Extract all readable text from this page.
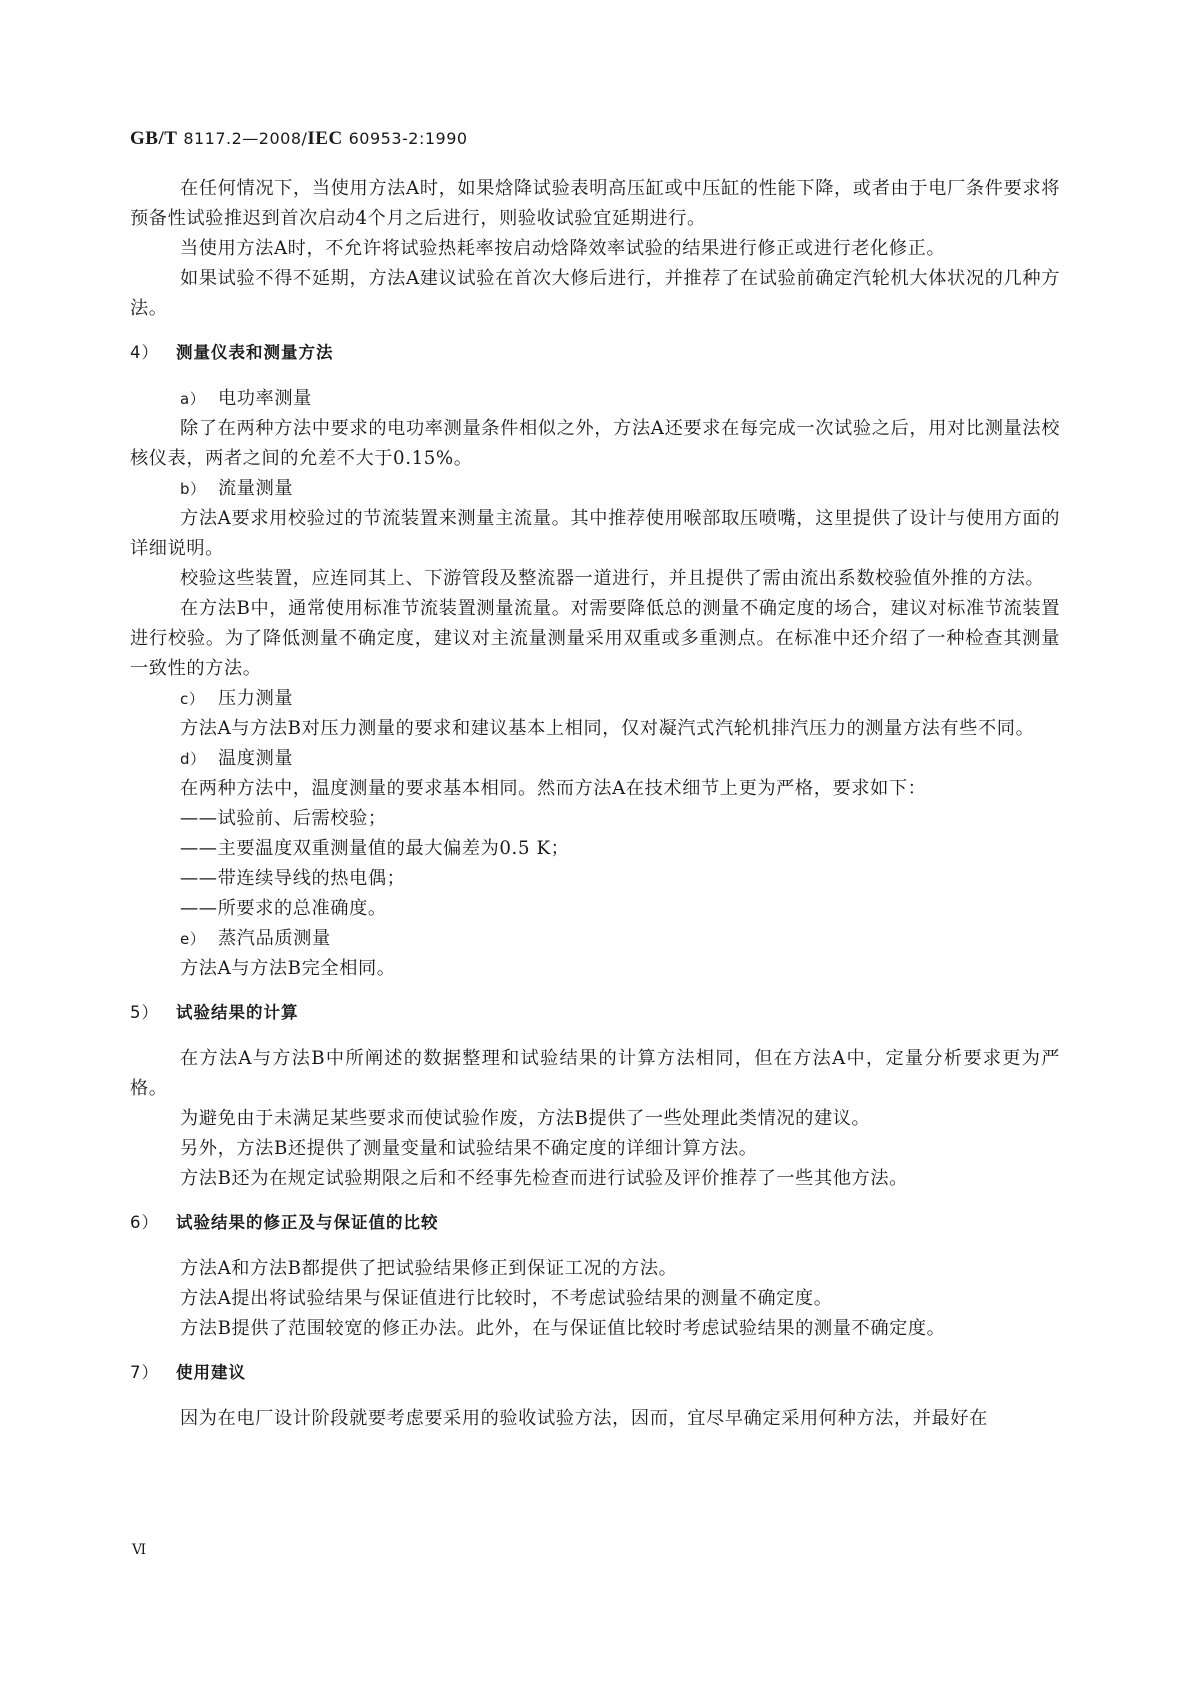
GB/T 8117.2—2008/IEC 60953-2:1990

在任何情况下，当使用方法A时，如果焓降试验表明高压缸或中压缸的性能下降，或者由于电厂条件要求将预备性试验推迟到首次启动4个月之后进行，则验收试验宜延期进行。

当使用方法A时，不允许将试验热耗率按启动焓降效率试验的结果进行修正或进行老化修正。

如果试验不得不延期，方法A建议试验在首次大修后进行，并推荐了在试验前确定汽轮机大体状况的几种方法。

4） 测量仪表和测量方法
a） 电功率测量

除了在两种方法中要求的电功率测量条件相似之外，方法A还要求在每完成一次试验之后，用对比测量法校核仪表，两者之间的允差不大于0.15%。

b） 流量测量

方法A要求用校验过的节流装置来测量主流量。其中推荐使用喉部取压喷嘴，这里提供了设计与使用方面的详细说明。

校验这些装置，应连同其上、下游管段及整流器一道进行，并且提供了需由流出系数校验值外推的方法。

在方法B中，通常使用标准节流装置测量流量。对需要降低总的测量不确定度的场合，建议对标准节流装置进行校验。为了降低测量不确定度，建议对主流量测量采用双重或多重测点。在标准中还介绍了一种检查其测量一致性的方法。

c） 压力测量

方法A与方法B对压力测量的要求和建议基本上相同，仅对凝汽式汽轮机排汽压力的测量方法有些不同。

d） 温度测量

在两种方法中，温度测量的要求基本相同。然而方法A在技术细节上更为严格，要求如下：

——试验前、后需校验；
——主要温度双重测量值的最大偏差为0.5 K；
——带连续导线的热电偶；
——所要求的总准确度。
e） 蒸汽品质测量

方法A与方法B完全相同。

5） 试验结果的计算

在方法A与方法B中所阐述的数据整理和试验结果的计算方法相同，但在方法A中，定量分析要求更为严格。

为避免由于未满足某些要求而使试验作废，方法B提供了一些处理此类情况的建议。

另外，方法B还提供了测量变量和试验结果不确定度的详细计算方法。

方法B还为在规定试验期限之后和不经事先检查而进行试验及评价推荐了一些其他方法。

6） 试验结果的修正及与保证值的比较

方法A和方法B都提供了把试验结果修正到保证工况的方法。

方法A提出将试验结果与保证值进行比较时，不考虑试验结果的测量不确定度。

方法B提供了范围较宽的修正办法。此外，在与保证值比较时考虑试验结果的测量不确定度。

7） 使用建议

因为在电厂设计阶段就要考虑要采用的验收试验方法，因而，宜尽早确定采用何种方法，并最好在

Ⅵ
